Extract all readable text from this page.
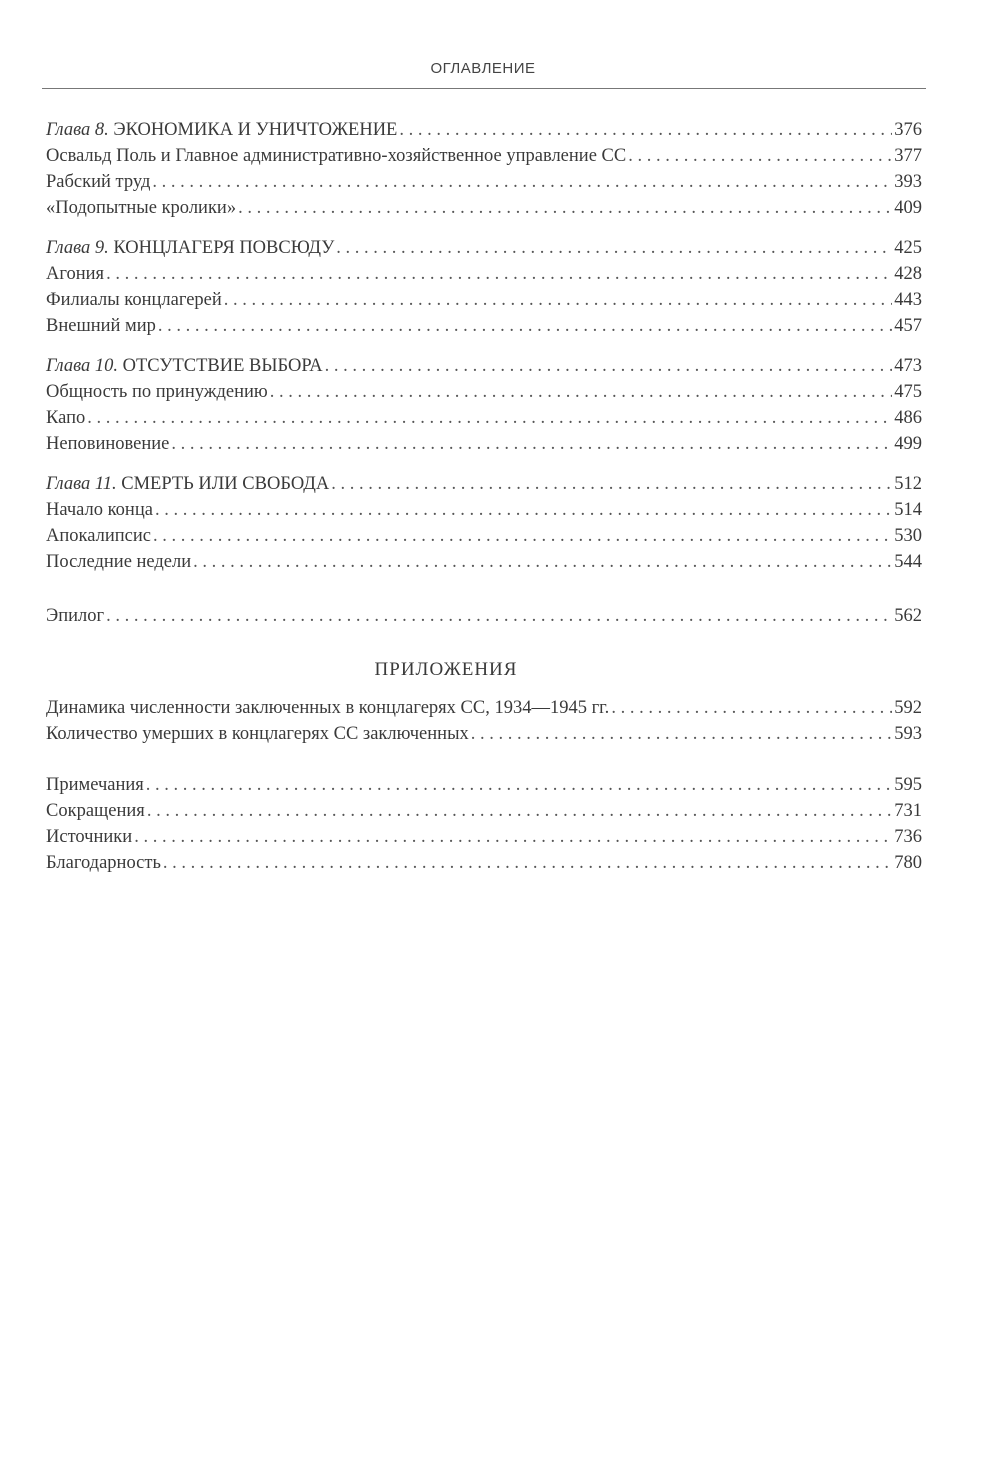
ОГЛАВЛЕНИЕ
Глава 8. ЭКОНОМИКА И УНИЧТОЖЕНИЕ . . .	376
Освальд Поль и Главное административно-хозяйственное управление СС . . .	377
Рабский труд . . .	393
«Подопытные кролики» . . .	409
Глава 9. КОНЦЛАГЕРЯ ПОВСЮДУ . . .	425
Агония . . .	428
Филиалы концлагерей . . .	443
Внешний мир . . .	457
Глава 10. ОТСУТСТВИЕ ВЫБОРА . . .	473
Общность по принуждению . . .	475
Капо . . .	486
Неповиновение . . .	499
Глава 11. СМЕРТЬ ИЛИ СВОБОДА . . .	512
Начало конца . . .	514
Апокалипсис . . .	530
Последние недели . . .	544
Эпилог . . .	562
ПРИЛОЖЕНИЯ
Динамика численности заключенных в концлагерях СС, 1934—1945 гг. . . .	592
Количество умерших в концлагерях СС заключенных . . .	593
Примечания . . .	595
Сокращения . . .	731
Источники . . .	736
Благодарность . . .	780
